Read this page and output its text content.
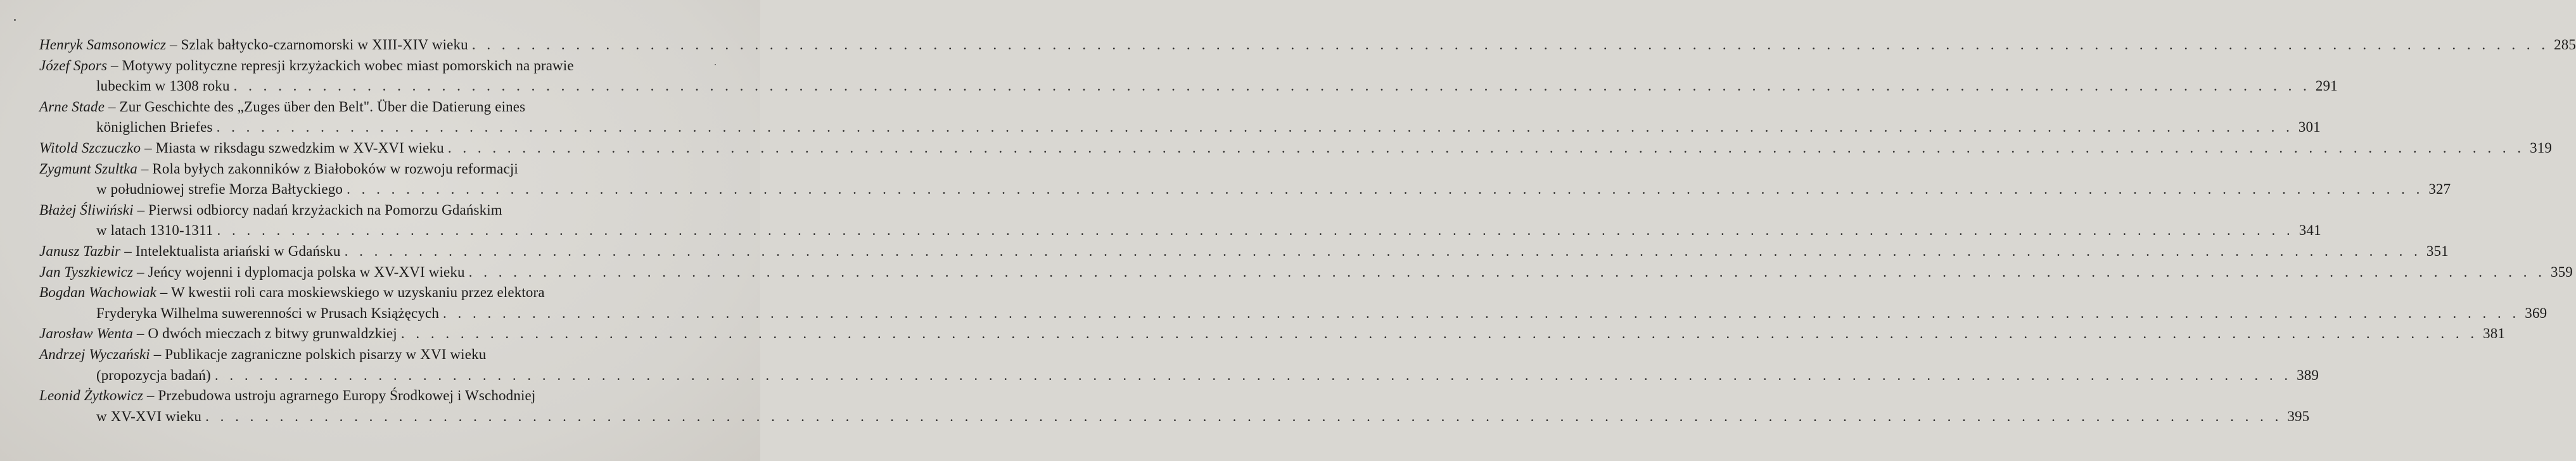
Henryk Samsonowicz – Szlak bałtycko-czarnomorski w XIII-XIV wieku . . . . . . . . . . . . . . . . . . . . . . . . . . . . . . . . . . . . . . . . . . . . . . . . . . . . . . . . . . . . . . . . . . . . . . . . . . . . . . . . . . . . . . . . . . . . . . . . . . . . . . . . . . . . . . . . . . . . . . . . . . . . . . . . . . . . . . . . . . . . 285
Józef Spors – Motywy polityczne represji krzyżackich wobec miast pomorskich na prawie
lubeckim w 1308 roku . . . . . . . . . . . . . . . . . . . . . . . . . . . . . . . . . . . . . . . . . . . . . . . . . . . . . . . . . . . . . . . . . . . . . . . . . . . . . . . . . . . . . . . . . . . . . . . . . . . . . . . . . . . . . . . . . . . . . . . . . . . . . . . . . . . . . . . . . . . . 291
Arne Stade – Zur Geschichte des „Zuges über den Belt". Über die Datierung eines
königlichen Briefes . . . . . . . . . . . . . . . . . . . . . . . . . . . . . . . . . . . . . . . . . . . . . . . . . . . . . . . . . . . . . . . . . . . . . . . . . . . . . . . . . . . . . . . . . . . . . . . . . . . . . . . . . . . . . . . . . . . . . . . . . . . . . . . . . . . . . . . . . . . . 301
Witold Szczuczko – Miasta w riksdagu szwedzkim w XV-XVI wieku . . . . . . . . . . . . . . . . . . . . . . . . . . . . . . . . . . . . . . . . . . . . . . . . . . . . . . . . . . . . . . . . . . . . . . . . . . . . . . . . . . . . . . . . . . . . . . . . . . . . . . . . . . . . . . . . . . . . . . . . . . . . . . . . . . . . . . . . . . . . 319
Zygmunt Szultka – Rola byłych zakonników z Białoboków w rozwoju reformacji
w południowej strefie Morza Bałtyckiego . . . . . . . . . . . . . . . . . . . . . . . . . . . . . . . . . . . . . . . . . . . . . . . . . . . . . . . . . . . . . . . . . . . . . . . . . . . . . . . . . . . . . . . . . . . . . . . . . . . . . . . . . . . . . . . . . . . . . . . . . . . . . . . . . . . . . . . . . . . . 327
Błażej Śliwiński – Pierwsi odbiorcy nadań krzyżackich na Pomorzu Gdańskim
w latach 1310-1311 . . . . . . . . . . . . . . . . . . . . . . . . . . . . . . . . . . . . . . . . . . . . . . . . . . . . . . . . . . . . . . . . . . . . . . . . . . . . . . . . . . . . . . . . . . . . . . . . . . . . . . . . . . . . . . . . . . . . . . . . . . . . . . . . . . . . . . . . . . . . 341
Janusz Tazbir – Intelektualista ariański w Gdańsku . . . . . . . . . . . . . . . . . . . . . . . . . . . . . . . . . . . . . . . . . . . . . . . . . . . . . . . . . . . . . . . . . . . . . . . . . . . . . . . . . . . . . . . . . . . . . . . . . . . . . . . . . . . . . . . . . . . . . . . . . . . . . . . . . . . . . . . . . . . . 351
Jan Tyszkiewicz – Jeńcy wojenni i dyplomacja polska w XV-XVI wieku . . . . . . . . . . . . . . . . . . . . . . . . . . . . . . . . . . . . . . . . . . . . . . . . . . . . . . . . . . . . . . . . . . . . . . . . . . . . . . . . . . . . . . . . . . . . . . . . . . . . . . . . . . . . . . . . . . . . . . . . . . . . . . . . . . . . . . . . . . . . 359
Bogdan Wachowiak – W kwestii roli cara moskiewskiego w uzyskaniu przez elektora
Fryderyka Wilhelma suwerenności w Prusach Książęcych . . . . . . . . . . . . . . . . . . . . . . . . . . . . . . . . . . . . . . . . . . . . . . . . . . . . . . . . . . . . . . . . . . . . . . . . . . . . . . . . . . . . . . . . . . . . . . . . . . . . . . . . . . . . . . . . . . . . . . . . . . . . . . . . . . . . . . . . . . . . 369
Jarosław Wenta – O dwóch mieczach z bitwy grunwaldzkiej . . . . . . . . . . . . . . . . . . . . . . . . . . . . . . . . . . . . . . . . . . . . . . . . . . . . . . . . . . . . . . . . . . . . . . . . . . . . . . . . . . . . . . . . . . . . . . . . . . . . . . . . . . . . . . . . . . . . . . . . . . . . . . . . . . . . . . . . . . . . 381
Andrzej Wyczański – Publikacje zagraniczne polskich pisarzy w XVI wieku
(propozycja badań) . . . . . . . . . . . . . . . . . . . . . . . . . . . . . . . . . . . . . . . . . . . . . . . . . . . . . . . . . . . . . . . . . . . . . . . . . . . . . . . . . . . . . . . . . . . . . . . . . . . . . . . . . . . . . . . . . . . . . . . . . . . . . . . . . . . . . . . . . . . . 389
Leonid Żytkowicz – Przebudowa ustroju agrarnego Europy Środkowej i Wschodniej
w XV-XVI wieku . . . . . . . . . . . . . . . . . . . . . . . . . . . . . . . . . . . . . . . . . . . . . . . . . . . . . . . . . . . . . . . . . . . . . . . . . . . . . . . . . . . . . . . . . . . . . . . . . . . . . . . . . . . . . . . . . . . . . . . . . . . . . . . . . . . . . . . . . . . . 395
